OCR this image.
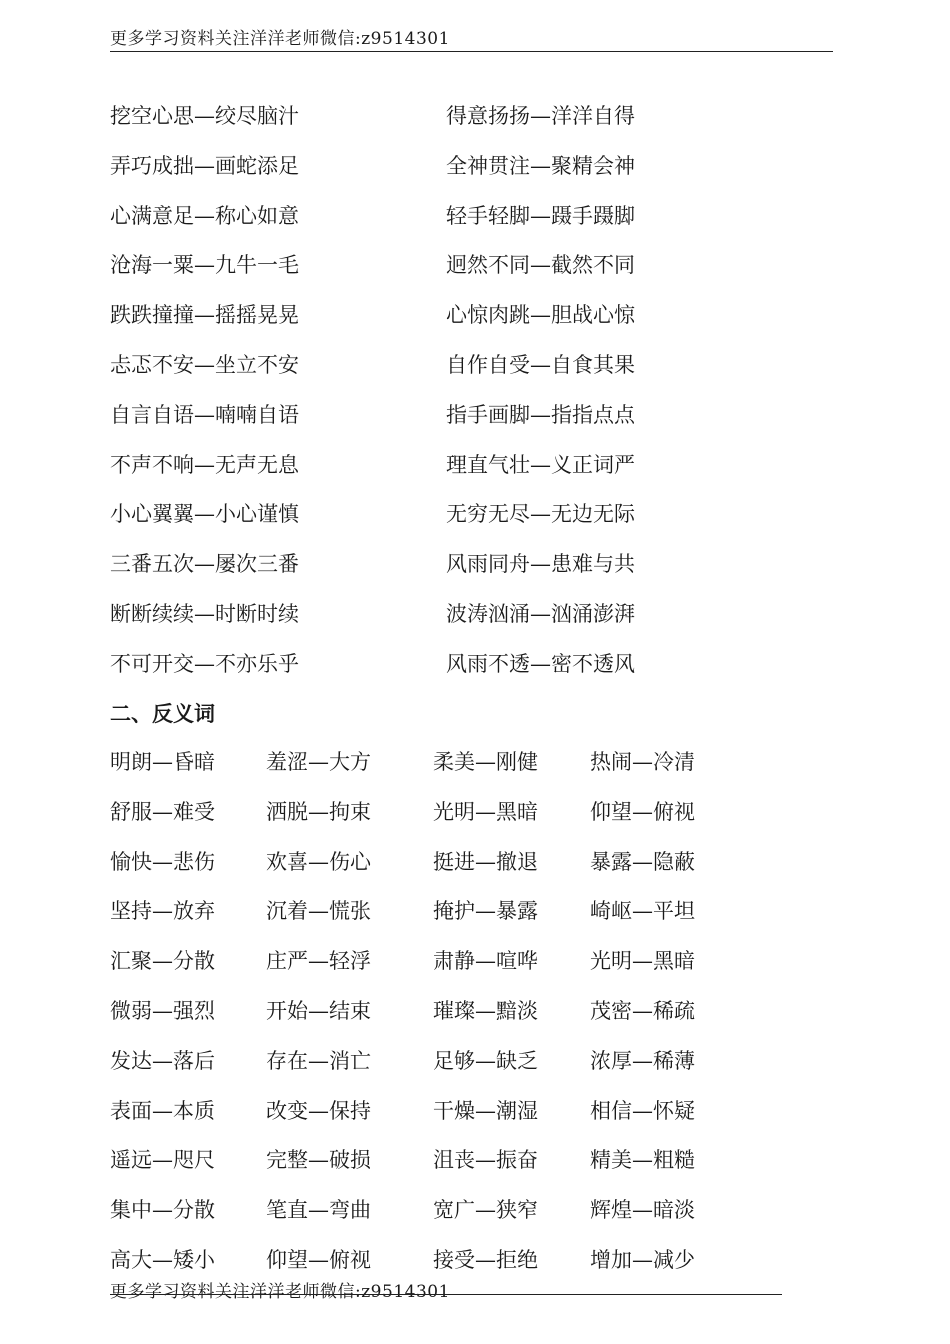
更多学习资料关注洋洋老师微信:z9514301
挖空心思—绞尽脑汁	得意扬扬—洋洋自得
弄巧成拙—画蛇添足	全神贯注—聚精会神
心满意足—称心如意	轻手轻脚—蹑手蹑脚
沧海一粟—九牛一毛	迥然不同—截然不同
跌跌撞撞—摇摇晃晃	心惊肉跳—胆战心惊
忐忑不安—坐立不安	自作自受—自食其果
自言自语—喃喃自语	指手画脚—指指点点
不声不响—无声无息	理直气壮—义正词严
小心翼翼—小心谨慎	无穷无尽—无边无际
三番五次—屡次三番	风雨同舟—患难与共
断断续续—时断时续	波涛汹涌—汹涌澎湃
不可开交—不亦乐乎	风雨不透—密不透风
二、反义词
明朗—昏暗 羞涩—大方	柔美—刚健 热闹—冷清
舒服—难受 洒脱—拘束	光明—黑暗 仰望—俯视
愉快—悲伤 欢喜—伤心	挺进—撤退 暴露—隐蔽
坚持—放弃 沉着—慌张	掩护—暴露 崎岖—平坦
汇聚—分散 庄严—轻浮	肃静—喧哗 光明—黑暗
微弱—强烈 开始—结束	璀璨—黯淡 茂密—稀疏
发达—落后 存在—消亡	足够—缺乏 浓厚—稀薄
表面—本质 改变—保持	干燥—潮湿 相信—怀疑
遥远—咫尺 完整—破损	沮丧—振奋 精美—粗糙
集中—分散 笔直—弯曲	宽广—狭窄 辉煌—暗淡
高大—矮小 仰望—俯视	接受—拒绝 增加—减少
更多学习资料关注洋洋老师微信:z9514301
